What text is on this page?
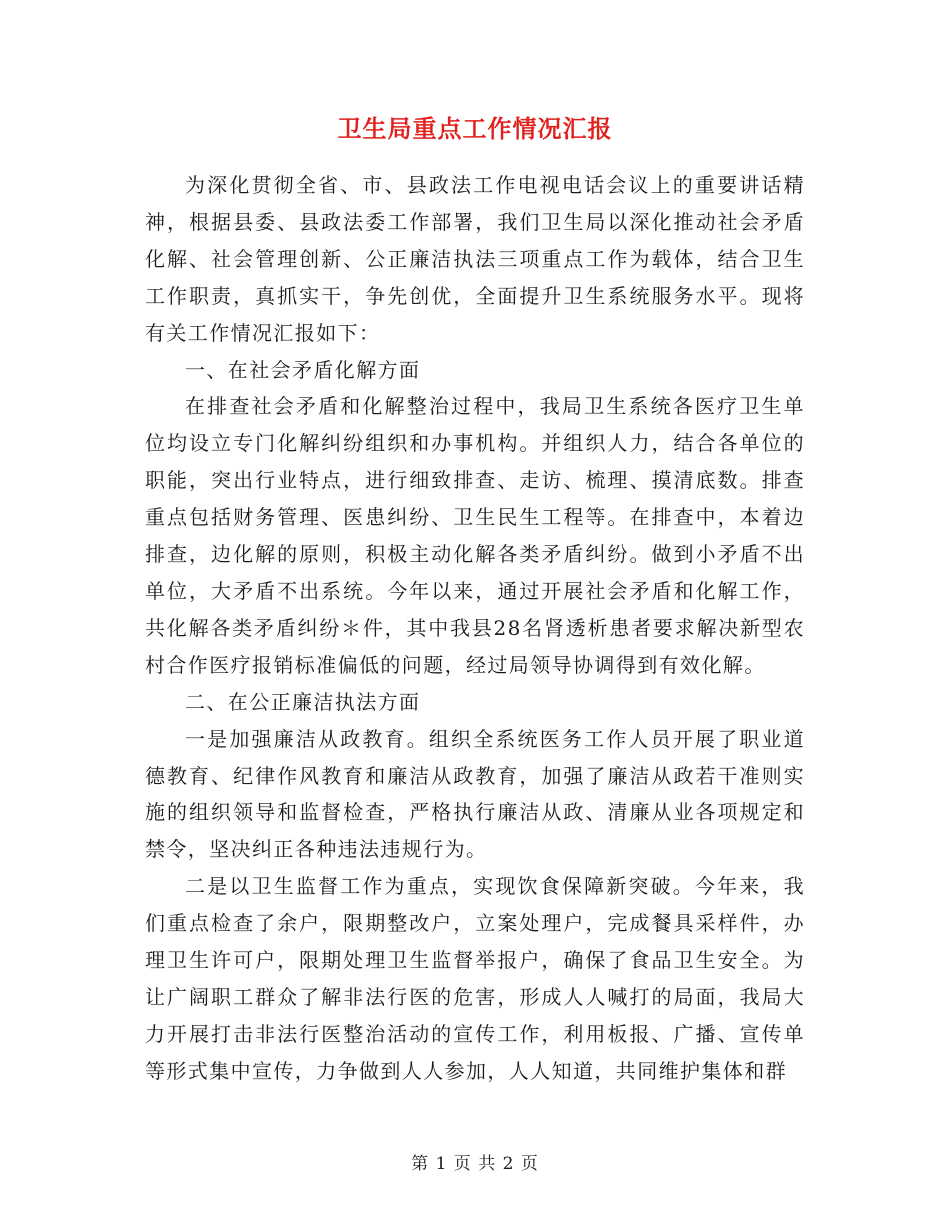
卫生局重点工作情况汇报

为深化贯彻全省、市、县政法工作电视电话会议上的重要讲话精神，根据县委、县政法委工作部署，我们卫生局以深化推动社会矛盾化解、社会管理创新、公正廉洁执法三项重点工作为载体，结合卫生工作职责，真抓实干，争先创优，全面提升卫生系统服务水平。现将有关工作情况汇报如下：

一、在社会矛盾化解方面

在排查社会矛盾和化解整治过程中，我局卫生系统各医疗卫生单位均设立专门化解纠纷组织和办事机构。并组织人力，结合各单位的职能，突出行业特点，进行细致排查、走访、梳理、摸清底数。排查重点包括财务管理、医患纠纷、卫生民生工程等。在排查中，本着边排查，边化解的原则，积极主动化解各类矛盾纠纷。做到小矛盾不出单位，大矛盾不出系统。今年以来，通过开展社会矛盾和化解工作，共化解各类矛盾纠纷＊件，其中我县28名肾透析患者要求解决新型农村合作医疗报销标准偏低的问题，经过局领导协调得到有效化解。

二、在公正廉洁执法方面

一是加强廉洁从政教育。组织全系统医务工作人员开展了职业道德教育、纪律作风教育和廉洁从政教育，加强了廉洁从政若干准则实施的组织领导和监督检查，严格执行廉洁从政、清廉从业各项规定和禁令，坚决纠正各种违法违规行为。

二是以卫生监督工作为重点，实现饮食保障新突破。今年来，我们重点检查了余户，限期整改户，立案处理户，完成餐具采样件，办理卫生许可户，限期处理卫生监督举报户，确保了食品卫生安全。为让广阔职工群众了解非法行医的危害，形成人人喊打的局面，我局大力开展打击非法行医整治活动的宣传工作，利用板报、广播、宣传单等形式集中宣传，力争做到人人参加，人人知道，共同维护集体和群

第 1 页 共 2 页
